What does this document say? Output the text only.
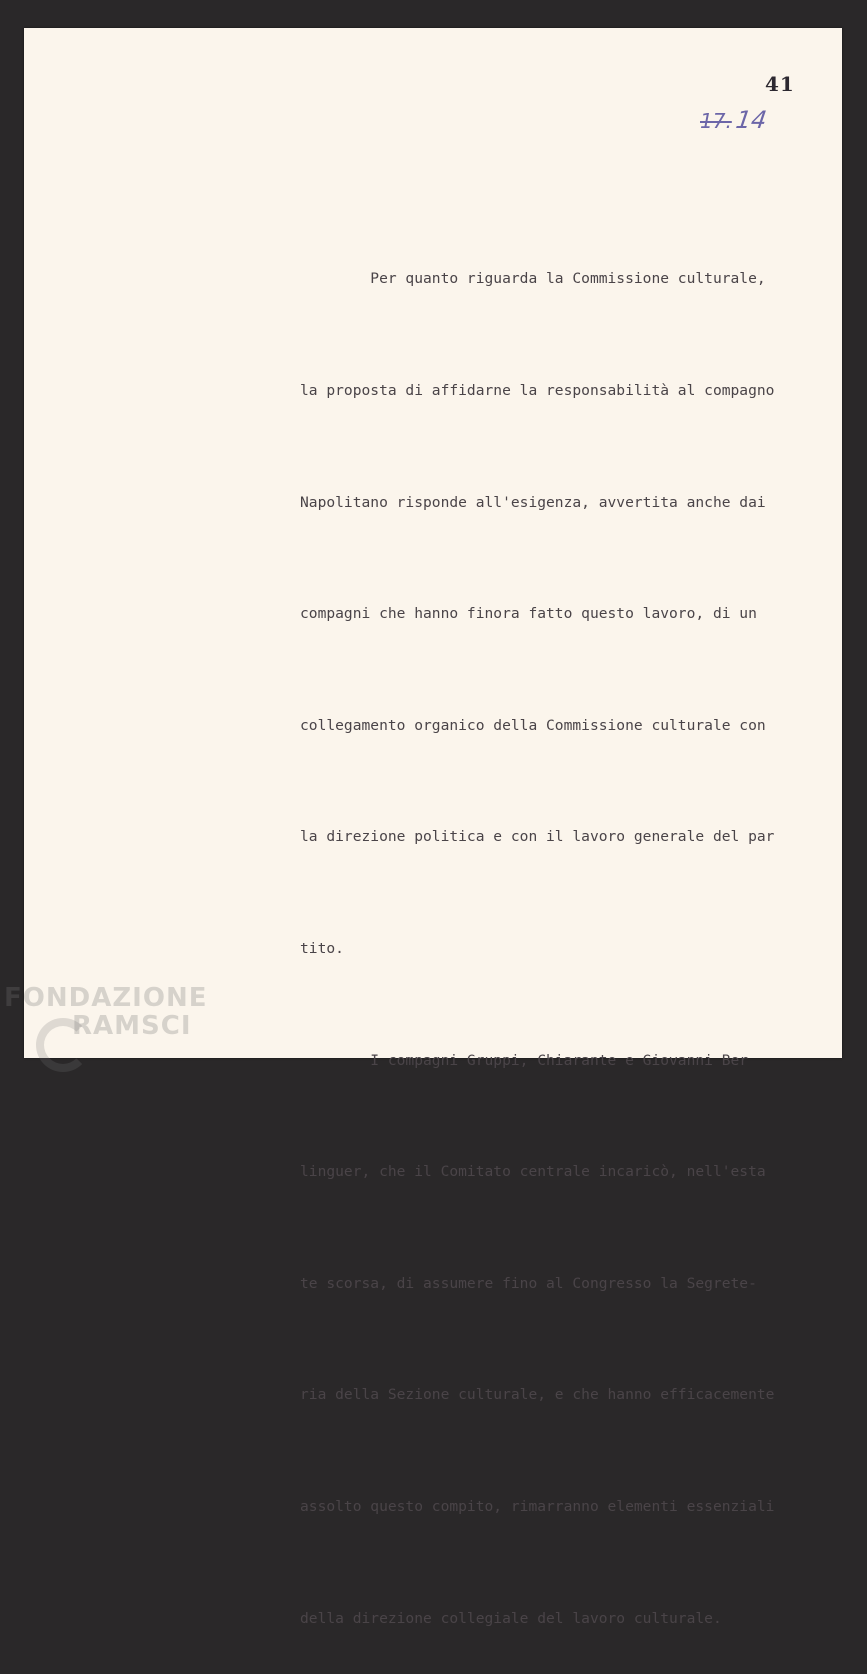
41
17.14

Per quanto riguarda la Commissione culturale,

la proposta di affidarne la responsabilità al compagno

Napolitano risponde all'esigenza, avvertita anche dai

compagni che hanno finora fatto questo lavoro, di un

collegamento organico della Commissione culturale con

la direzione politica e con il lavoro generale del par

tito.

I compagni Gruppi, Chiarante e Giovanni Ber

linguer, che il Comitato centrale incaricò, nell'esta

te scorsa, di assumere fino al Congresso la Segrete-

ria della Sezione culturale, e che hanno efficacemente

assolto questo compito, rimarranno elementi essenziali

della direzione collegiale del lavoro culturale.

FONDAZIONE
RAMSCI
